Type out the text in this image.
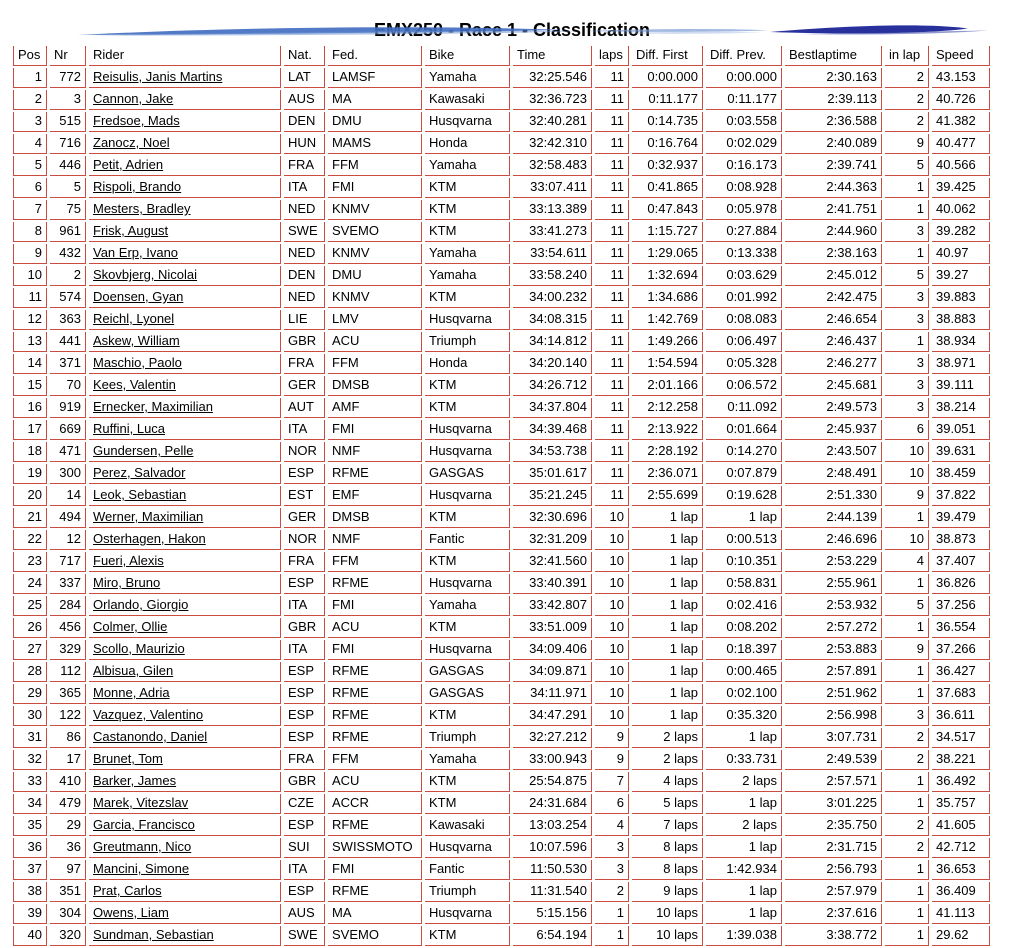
Classification
Pos	Nr	Rider	Nat.	Fed.	Bike	Time	laps	Diff. First	Diff. Prev.	Bestlaptime	in lap	Speed
1	772	Reisulis, Janis Martins	LAT	LAMSF	Yamaha	32:25.546	11	0:00.000	0:00.000	2:30.163	2	43.153
2	3	Cannon, Jake	AUS	MA	Kawasaki	32:36.723	11	0:11.177	0:11.177	2:39.113	2	40.726
3	515	Fredsoe, Mads	DEN	DMU	Husqvarna	32:40.281	11	0:14.735	0:03.558	2:36.588	2	41.382
4	716	Zanocz, Noel	HUN	MAMS	Honda	32:42.310	11	0:16.764	0:02.029	2:40.089	9	40.477
5	446	Petit, Adrien	FRA	FFM	Yamaha	32:58.483	11	0:32.937	0:16.173	2:39.741	5	40.566
6	5	Rispoli, Brando	ITA	FMI	KTM	33:07.411	11	0:41.865	0:08.928	2:44.363	1	39.425
7	75	Mesters, Bradley	NED	KNMV	KTM	33:13.389	11	0:47.843	0:05.978	2:41.751	1	40.062
8	961	Frisk, August	SWE	SVEMO	KTM	33:41.273	11	1:15.727	0:27.884	2:44.960	3	39.282
9	432	Van Erp, Ivano	NED	KNMV	Yamaha	33:54.611	11	1:29.065	0:13.338	2:38.163	1	40.97
10	2	Skovbjerg, Nicolai	DEN	DMU	Yamaha	33:58.240	11	1:32.694	0:03.629	2:45.012	5	39.27
11	574	Doensen, Gyan	NED	KNMV	KTM	34:00.232	11	1:34.686	0:01.992	2:42.475	3	39.883
12	363	Reichl, Lyonel	LIE	LMV	Husqvarna	34:08.315	11	1:42.769	0:08.083	2:46.654	3	38.883
13	441	Askew, William	GBR	ACU	Triumph	34:14.812	11	1:49.266	0:06.497	2:46.437	1	38.934
14	371	Maschio, Paolo	FRA	FFM	Honda	34:20.140	11	1:54.594	0:05.328	2:46.277	3	38.971
15	70	Kees, Valentin	GER	DMSB	KTM	34:26.712	11	2:01.166	0:06.572	2:45.681	3	39.111
16	919	Ernecker, Maximilian	AUT	AMF	KTM	34:37.804	11	2:12.258	0:11.092	2:49.573	3	38.214
17	669	Ruffini, Luca	ITA	FMI	Husqvarna	34:39.468	11	2:13.922	0:01.664	2:45.937	6	39.051
18	471	Gundersen, Pelle	NOR	NMF	Husqvarna	34:53.738	11	2:28.192	0:14.270	2:43.507	10	39.631
19	300	Perez, Salvador	ESP	RFME	GASGAS	35:01.617	11	2:36.071	0:07.879	2:48.491	10	38.459
20	14	Leok, Sebastian	EST	EMF	Husqvarna	35:21.245	11	2:55.699	0:19.628	2:51.330	9	37.822
21	494	Werner, Maximilian	GER	DMSB	KTM	32:30.696	10	1 lap	1 lap	2:44.139	1	39.479
22	12	Osterhagen, Hakon	NOR	NMF	Fantic	32:31.209	10	1 lap	0:00.513	2:46.696	10	38.873
23	717	Fueri, Alexis	FRA	FFM	KTM	32:41.560	10	1 lap	0:10.351	2:53.229	4	37.407
24	337	Miro, Bruno	ESP	RFME	Husqvarna	33:40.391	10	1 lap	0:58.831	2:55.961	1	36.826
25	284	Orlando, Giorgio	ITA	FMI	Yamaha	33:42.807	10	1 lap	0:02.416	2:53.932	5	37.256
26	456	Colmer, Ollie	GBR	ACU	KTM	33:51.009	10	1 lap	0:08.202	2:57.272	1	36.554
27	329	Scollo, Maurizio	ITA	FMI	Husqvarna	34:09.406	10	1 lap	0:18.397	2:53.883	9	37.266
28	112	Albisua, Gilen	ESP	RFME	GASGAS	34:09.871	10	1 lap	0:00.465	2:57.891	1	36.427
29	365	Monne, Adria	ESP	RFME	GASGAS	34:11.971	10	1 lap	0:02.100	2:51.962	1	37.683
30	122	Vazquez, Valentino	ESP	RFME	KTM	34:47.291	10	1 lap	0:35.320	2:56.998	3	36.611
31	86	Castanondo, Daniel	ESP	RFME	Triumph	32:27.212	9	2 laps	1 lap	3:07.731	2	34.517
32	17	Brunet, Tom	FRA	FFM	Yamaha	33:00.943	9	2 laps	0:33.731	2:49.539	2	38.221
33	410	Barker, James	GBR	ACU	KTM	25:54.875	7	4 laps	2 laps	2:57.571	1	36.492
34	479	Marek, Vitezslav	CZE	ACCR	KTM	24:31.684	6	5 laps	1 lap	3:01.225	1	35.757
35	29	Garcia, Francisco	ESP	RFME	Kawasaki	13:03.254	4	7 laps	2 laps	2:35.750	2	41.605
36	36	Greutmann, Nico	SUI	SWISSMOTO	Husqvarna	10:07.596	3	8 laps	1 lap	2:31.715	2	42.712
37	97	Mancini, Simone	ITA	FMI	Fantic	11:50.530	3	8 laps	1:42.934	2:56.793	1	36.653
38	351	Prat, Carlos	ESP	RFME	Triumph	11:31.540	2	9 laps	1 lap	2:57.979	1	36.409
39	304	Owens, Liam	AUS	MA	Husqvarna	5:15.156	1	10 laps	1 lap	2:37.616	1	41.113
40	320	Sundman, Sebastian	SWE	SVEMO	KTM	6:54.194	1	10 laps	1:39.038	3:38.772	1	29.62
